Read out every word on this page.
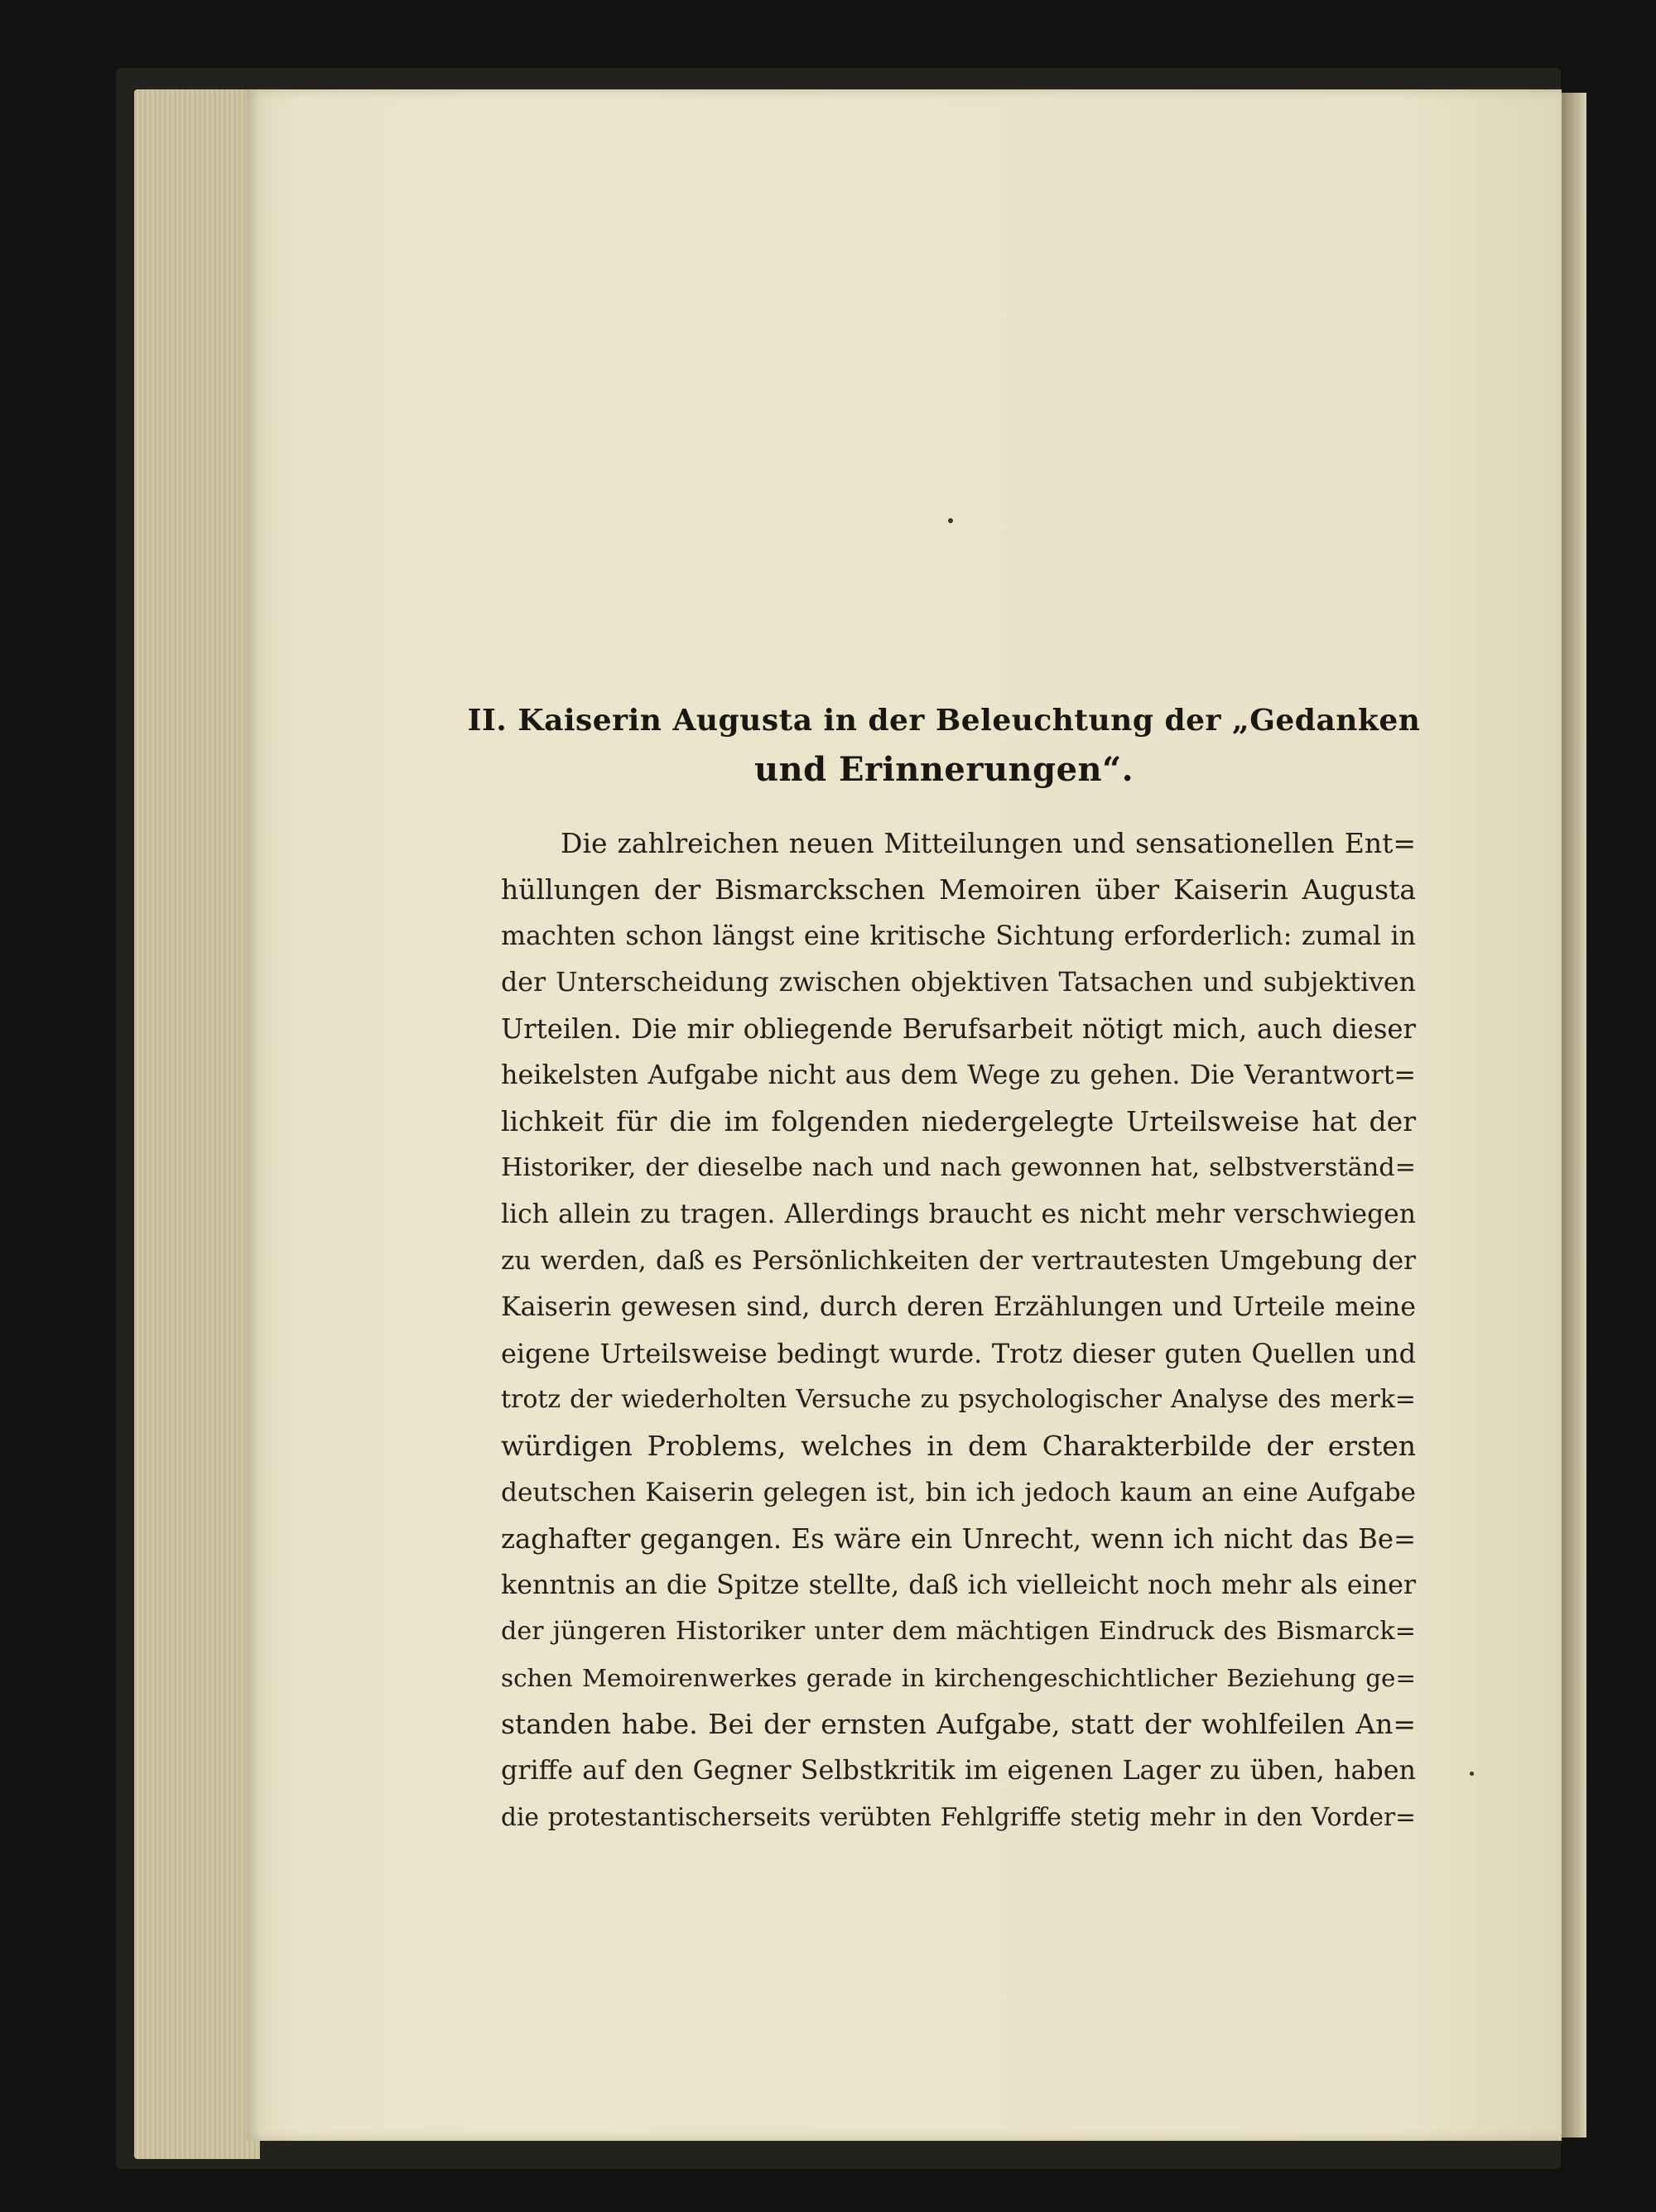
II. Kaiserin Augusta in der Beleuchtung der „Gedanken
und Erinnerungen“.
Die zahlreichen neuen Mitteilungen und sensationellen Ent=
hüllungen der Bismarckschen Memoiren über Kaiserin Augusta
machten schon längst eine kritische Sichtung erforderlich: zumal in
der Unterscheidung zwischen objektiven Tatsachen und subjektiven
Urteilen. Die mir obliegende Berufsarbeit nötigt mich, auch dieser
heikelsten Aufgabe nicht aus dem Wege zu gehen. Die Verantwort=
lichkeit für die im folgenden niedergelegte Urteilsweise hat der
Historiker, der dieselbe nach und nach gewonnen hat, selbstverständ=
lich allein zu tragen. Allerdings braucht es nicht mehr verschwiegen
zu werden, daß es Persönlichkeiten der vertrautesten Umgebung der
Kaiserin gewesen sind, durch deren Erzählungen und Urteile meine
eigene Urteilsweise bedingt wurde. Trotz dieser guten Quellen und
trotz der wiederholten Versuche zu psychologischer Analyse des merk=
würdigen Problems, welches in dem Charakterbilde der ersten
deutschen Kaiserin gelegen ist, bin ich jedoch kaum an eine Aufgabe
zaghafter gegangen. Es wäre ein Unrecht, wenn ich nicht das Be=
kenntnis an die Spitze stellte, daß ich vielleicht noch mehr als einer
der jüngeren Historiker unter dem mächtigen Eindruck des Bismarck=
schen Memoirenwerkes gerade in kirchengeschichtlicher Beziehung ge=
standen habe. Bei der ernsten Aufgabe, statt der wohlfeilen An=
griffe auf den Gegner Selbstkritik im eigenen Lager zu üben, haben
die protestantischerseits verübten Fehlgriffe stetig mehr in den Vorder=
